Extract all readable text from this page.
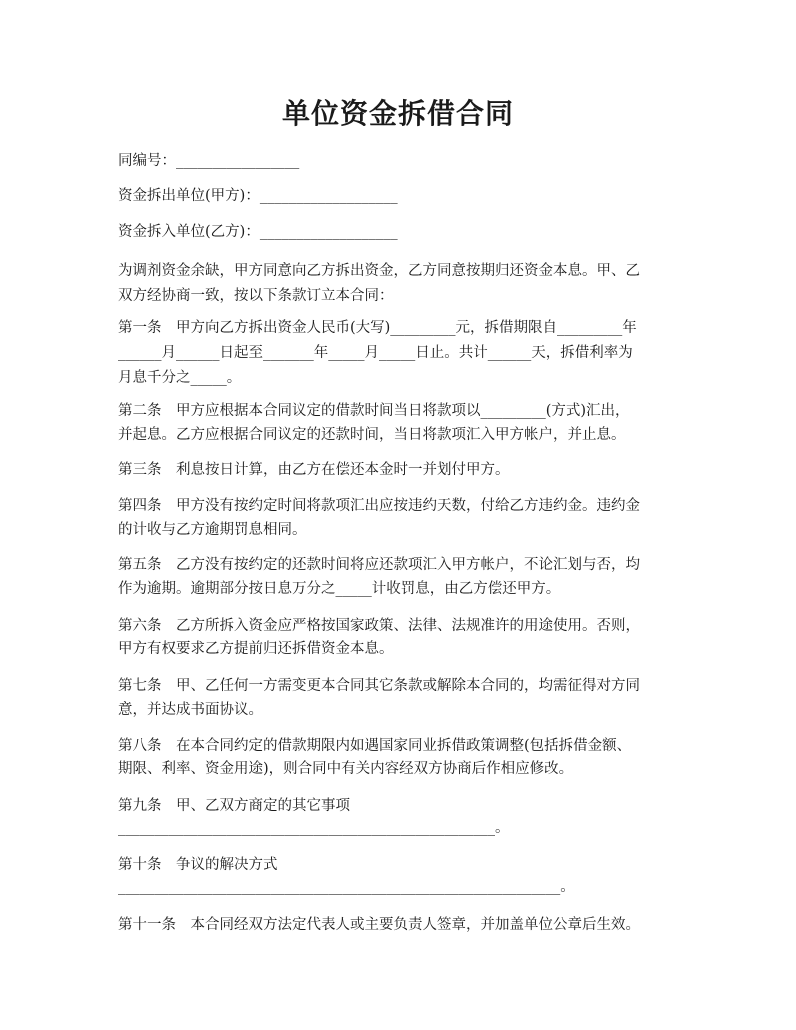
单位资金拆借合同

同编号：_________________

资金拆出单位(甲方)：___________________

资金拆入单位(乙方)：___________________

为调剂资金余缺，甲方同意向乙方拆出资金，乙方同意按期归还资金本息。甲、乙

双方经协商一致，按以下条款订立本合同：

第一条　甲方向乙方拆出资金人民币(大写)_________元，拆借期限自_________年

______月______日起至_______年_____月_____日止。共计______天，拆借利率为

月息千分之_____。

第二条　甲方应根据本合同议定的借款时间当日将款项以_________(方式)汇出，

并起息。乙方应根据合同议定的还款时间，当日将款项汇入甲方帐户，并止息。

第三条　利息按日计算，由乙方在偿还本金时一并划付甲方。

第四条　甲方没有按约定时间将款项汇出应按违约天数，付给乙方违约金。违约金

的计收与乙方逾期罚息相同。

第五条　乙方没有按约定的还款时间将应还款项汇入甲方帐户，不论汇划与否，均

作为逾期。逾期部分按日息万分之_____计收罚息，由乙方偿还甲方。

第六条　乙方所拆入资金应严格按国家政策、法律、法规准许的用途使用。否则，

甲方有权要求乙方提前归还拆借资金本息。

第七条　甲、乙任何一方需变更本合同其它条款或解除本合同的，均需征得对方同

意，并达成书面协议。

第八条　在本合同约定的借款期限内如遇国家同业拆借政策调整(包括拆借金额、

期限、利率、资金用途)，则合同中有关内容经双方协商后作相应修改。

第九条　甲、乙双方商定的其它事项

____________________________________________________。

第十条　争议的解决方式

_____________________________________________________________。

第十一条　本合同经双方法定代表人或主要负责人签章，并加盖单位公章后生效。
